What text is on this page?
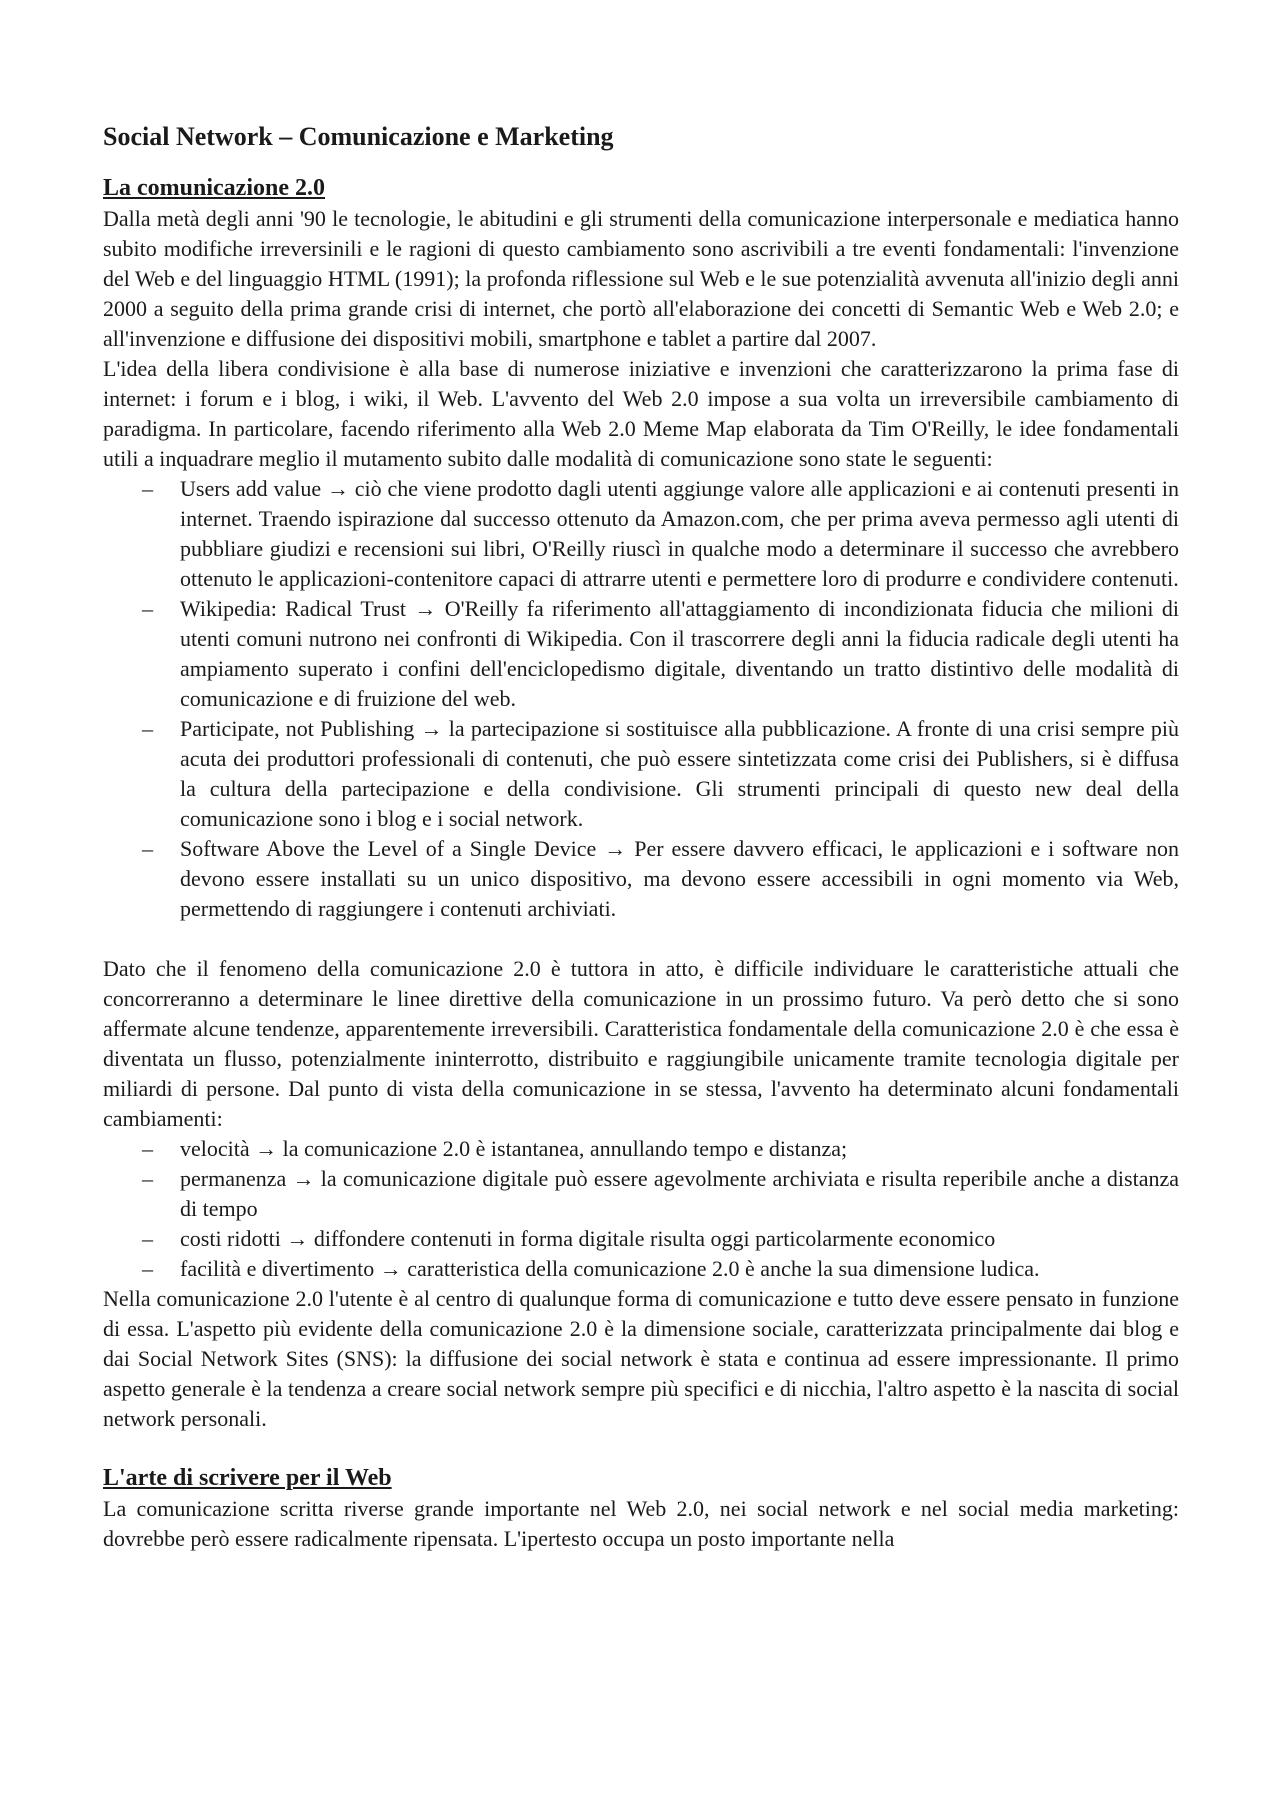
Social Network – Comunicazione e Marketing
La comunicazione 2.0

Dalla metà degli anni '90 le tecnologie, le abitudini e gli strumenti della comunicazione interpersonale e mediatica hanno subito modifiche irreversinili e le ragioni di questo cambiamento sono ascrivibili a tre eventi fondamentali: l'invenzione del Web e del linguaggio HTML (1991); la profonda riflessione sul Web e le sue potenzialità avvenuta all'inizio degli anni 2000 a seguito della prima grande crisi di internet, che portò all'elaborazione dei concetti di Semantic Web e Web 2.0; e all'invenzione e diffusione dei dispositivi mobili, smartphone e tablet a partire dal 2007.

L'idea della libera condivisione è alla base di numerose iniziative e invenzioni che caratterizzarono la prima fase di internet: i forum e i blog, i wiki, il Web. L'avvento del Web 2.0 impose a sua volta un irreversibile cambiamento di paradigma. In particolare, facendo riferimento alla Web 2.0 Meme Map elaborata da Tim O'Reilly, le idee fondamentali utili a inquadrare meglio il mutamento subito dalle modalità di comunicazione sono state le seguenti:

– Users add value → ciò che viene prodotto dagli utenti aggiunge valore alle applicazioni e ai contenuti presenti in internet. Traendo ispirazione dal successo ottenuto da Amazon.com, che per prima aveva permesso agli utenti di pubbliare giudizi e recensioni sui libri, O'Reilly riuscì in qualche modo a determinare il successo che avrebbero ottenuto le applicazioni-contenitore capaci di attrarre utenti e permettere loro di produrre e condividere contenuti.
– Wikipedia: Radical Trust → O'Reilly fa riferimento all'attaggiamento di incondizionata fiducia che milioni di utenti comuni nutrono nei confronti di Wikipedia. Con il trascorrere degli anni la fiducia radicale degli utenti ha ampiamento superato i confini dell'enciclopedismo digitale, diventando un tratto distintivo delle modalità di comunicazione e di fruizione del web.
– Participate, not Publishing → la partecipazione si sostituisce alla pubblicazione. A fronte di una crisi sempre più acuta dei produttori professionali di contenuti, che può essere sintetizzata come crisi dei Publishers, si è diffusa la cultura della partecipazione e della condivisione. Gli strumenti principali di questo new deal della comunicazione sono i blog e i social network.
– Software Above the Level of a Single Device → Per essere davvero efficaci, le applicazioni e i software non devono essere installati su un unico dispositivo, ma devono essere accessibili in ogni momento via Web, permettendo di raggiungere i contenuti archiviati.

Dato che il fenomeno della comunicazione 2.0 è tuttora in atto, è difficile individuare le caratteristiche attuali che concorreranno a determinare le linee direttive della comunicazione in un prossimo futuro. Va però detto che si sono affermate alcune tendenze, apparentemente irreversibili. Caratteristica fondamentale della comunicazione 2.0 è che essa è diventata un flusso, potenzialmente ininterrotto, distribuito e raggiungibile unicamente tramite tecnologia digitale per miliardi di persone. Dal punto di vista della comunicazione in se stessa, l'avvento ha determinato alcuni fondamentali cambiamenti:

– velocità → la comunicazione 2.0 è istantanea, annullando tempo e distanza;
– permanenza → la comunicazione digitale può essere agevolmente archiviata e risulta reperibile anche a distanza di tempo
– costi ridotti → diffondere contenuti in forma digitale risulta oggi particolarmente economico
– facilità e divertimento → caratteristica della comunicazione 2.0 è anche la sua dimensione ludica.

Nella comunicazione 2.0 l'utente è al centro di qualunque forma di comunicazione e tutto deve essere pensato in funzione di essa. L'aspetto più evidente della comunicazione 2.0 è la dimensione sociale, caratterizzata principalmente dai blog e dai Social Network Sites (SNS): la diffusione dei social network è stata e continua ad essere impressionante. Il primo aspetto generale è la tendenza a creare social network sempre più specifici e di nicchia, l'altro aspetto è la nascita di social network personali.

L'arte di scrivere per il Web

La comunicazione scritta riverse grande importante nel Web 2.0, nei social network e nel social media marketing: dovrebbe però essere radicalmente ripensata. L'ipertesto occupa un posto importante nella
